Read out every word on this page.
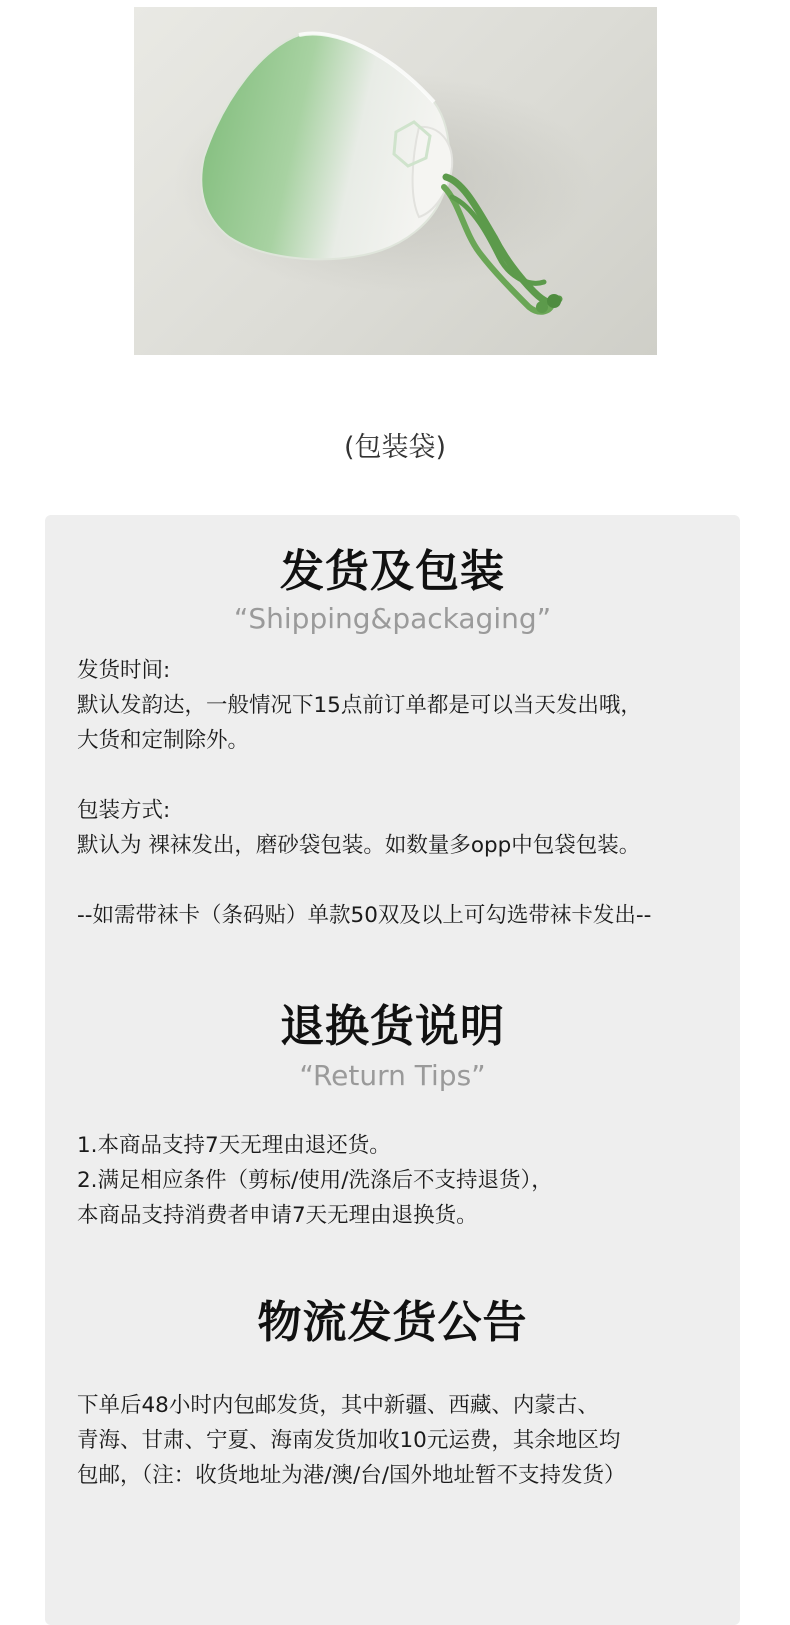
(包装袋)
发货及包装
“Shipping&packaging”
发货时间:
默认发韵达，一般情况下15点前订单都是可以当天发出哦，
大货和定制除外。

包装方式:
默认为 裸袜发出，磨砂袋包装。如数量多opp中包袋包装。

--如需带袜卡（条码贴）单款50双及以上可勾选带袜卡发出--
退换货说明
“Return Tips”
1.本商品支持7天无理由退还货。
2.满足相应条件（剪标/使用/洗涤后不支持退货），
本商品支持消费者申请7天无理由退换货。
物流发货公告
下单后48小时内包邮发货，其中新疆、西藏、内蒙古、
青海、甘肃、宁夏、海南发货加收10元运费，其余地区均
包邮，（注：收货地址为港/澳/台/国外地址暂不支持发货）
